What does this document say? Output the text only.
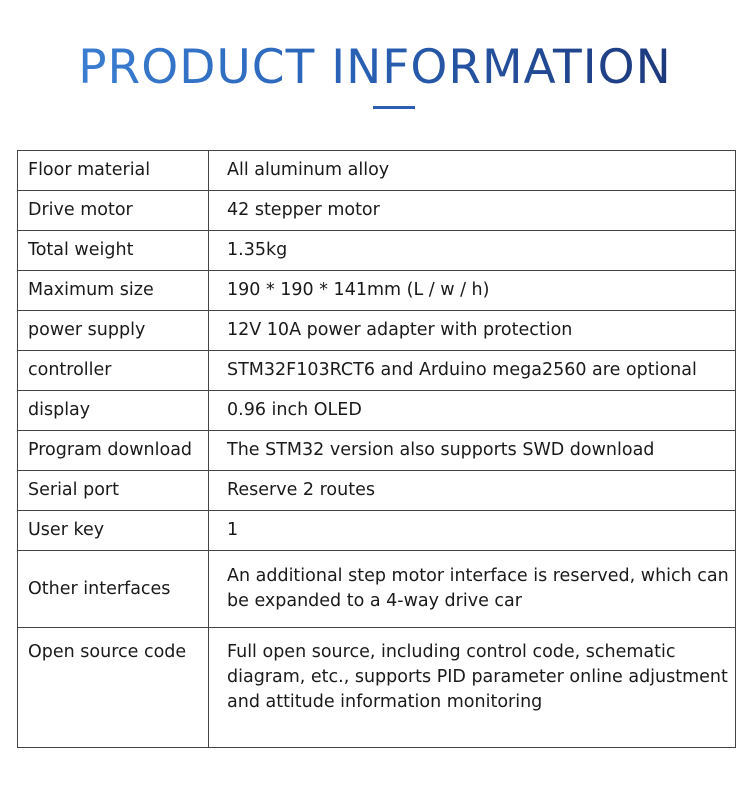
PRODUCT INFORMATION
Floor material	All aluminum alloy
Drive motor	42 stepper motor
Total weight	1.35kg
Maximum size	190 * 190 * 141mm (L / w / h)
power supply	12V 10A power adapter with protection
controller	STM32F103RCT6 and Arduino mega2560 are optional
display	0.96 inch OLED
Program download	The STM32 version also supports SWD download
Serial port	Reserve 2 routes
User key	1
Other interfaces	An additional step motor interface is reserved, which can be expanded to a 4-way drive car
Open source code	Full open source, including control code, schematic diagram, etc., supports PID parameter online adjustment and attitude information monitoring
